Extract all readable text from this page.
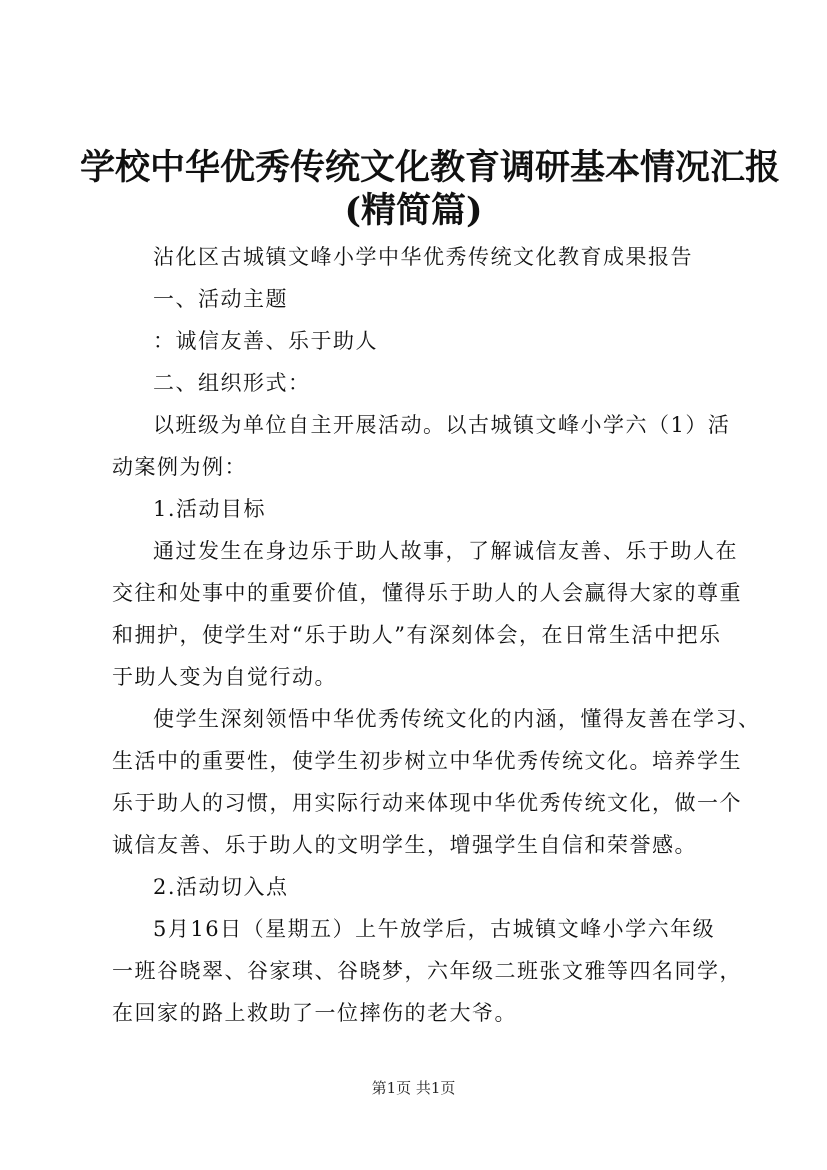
学校中华优秀传统文化教育调研基本情况汇报
(精简篇)
沾化区古城镇文峰小学中华优秀传统文化教育成果报告
一、活动主题
：诚信友善、乐于助人
二、组织形式：
以班级为单位自主开展活动。以古城镇文峰小学六（1）活
动案例为例：
1.活动目标
通过发生在身边乐于助人故事，了解诚信友善、乐于助人在
交往和处事中的重要价值，懂得乐于助人的人会赢得大家的尊重
和拥护，使学生对“乐于助人”有深刻体会，在日常生活中把乐
于助人变为自觉行动。
使学生深刻领悟中华优秀传统文化的内涵，懂得友善在学习、
生活中的重要性，使学生初步树立中华优秀传统文化。培养学生
乐于助人的习惯，用实际行动来体现中华优秀传统文化，做一个
诚信友善、乐于助人的文明学生，增强学生自信和荣誉感。
2.活动切入点
5月16日（星期五）上午放学后，古城镇文峰小学六年级
一班谷晓翠、谷家琪、谷晓梦，六年级二班张文雅等四名同学，
在回家的路上救助了一位摔伤的老大爷。
第1页 共1页
